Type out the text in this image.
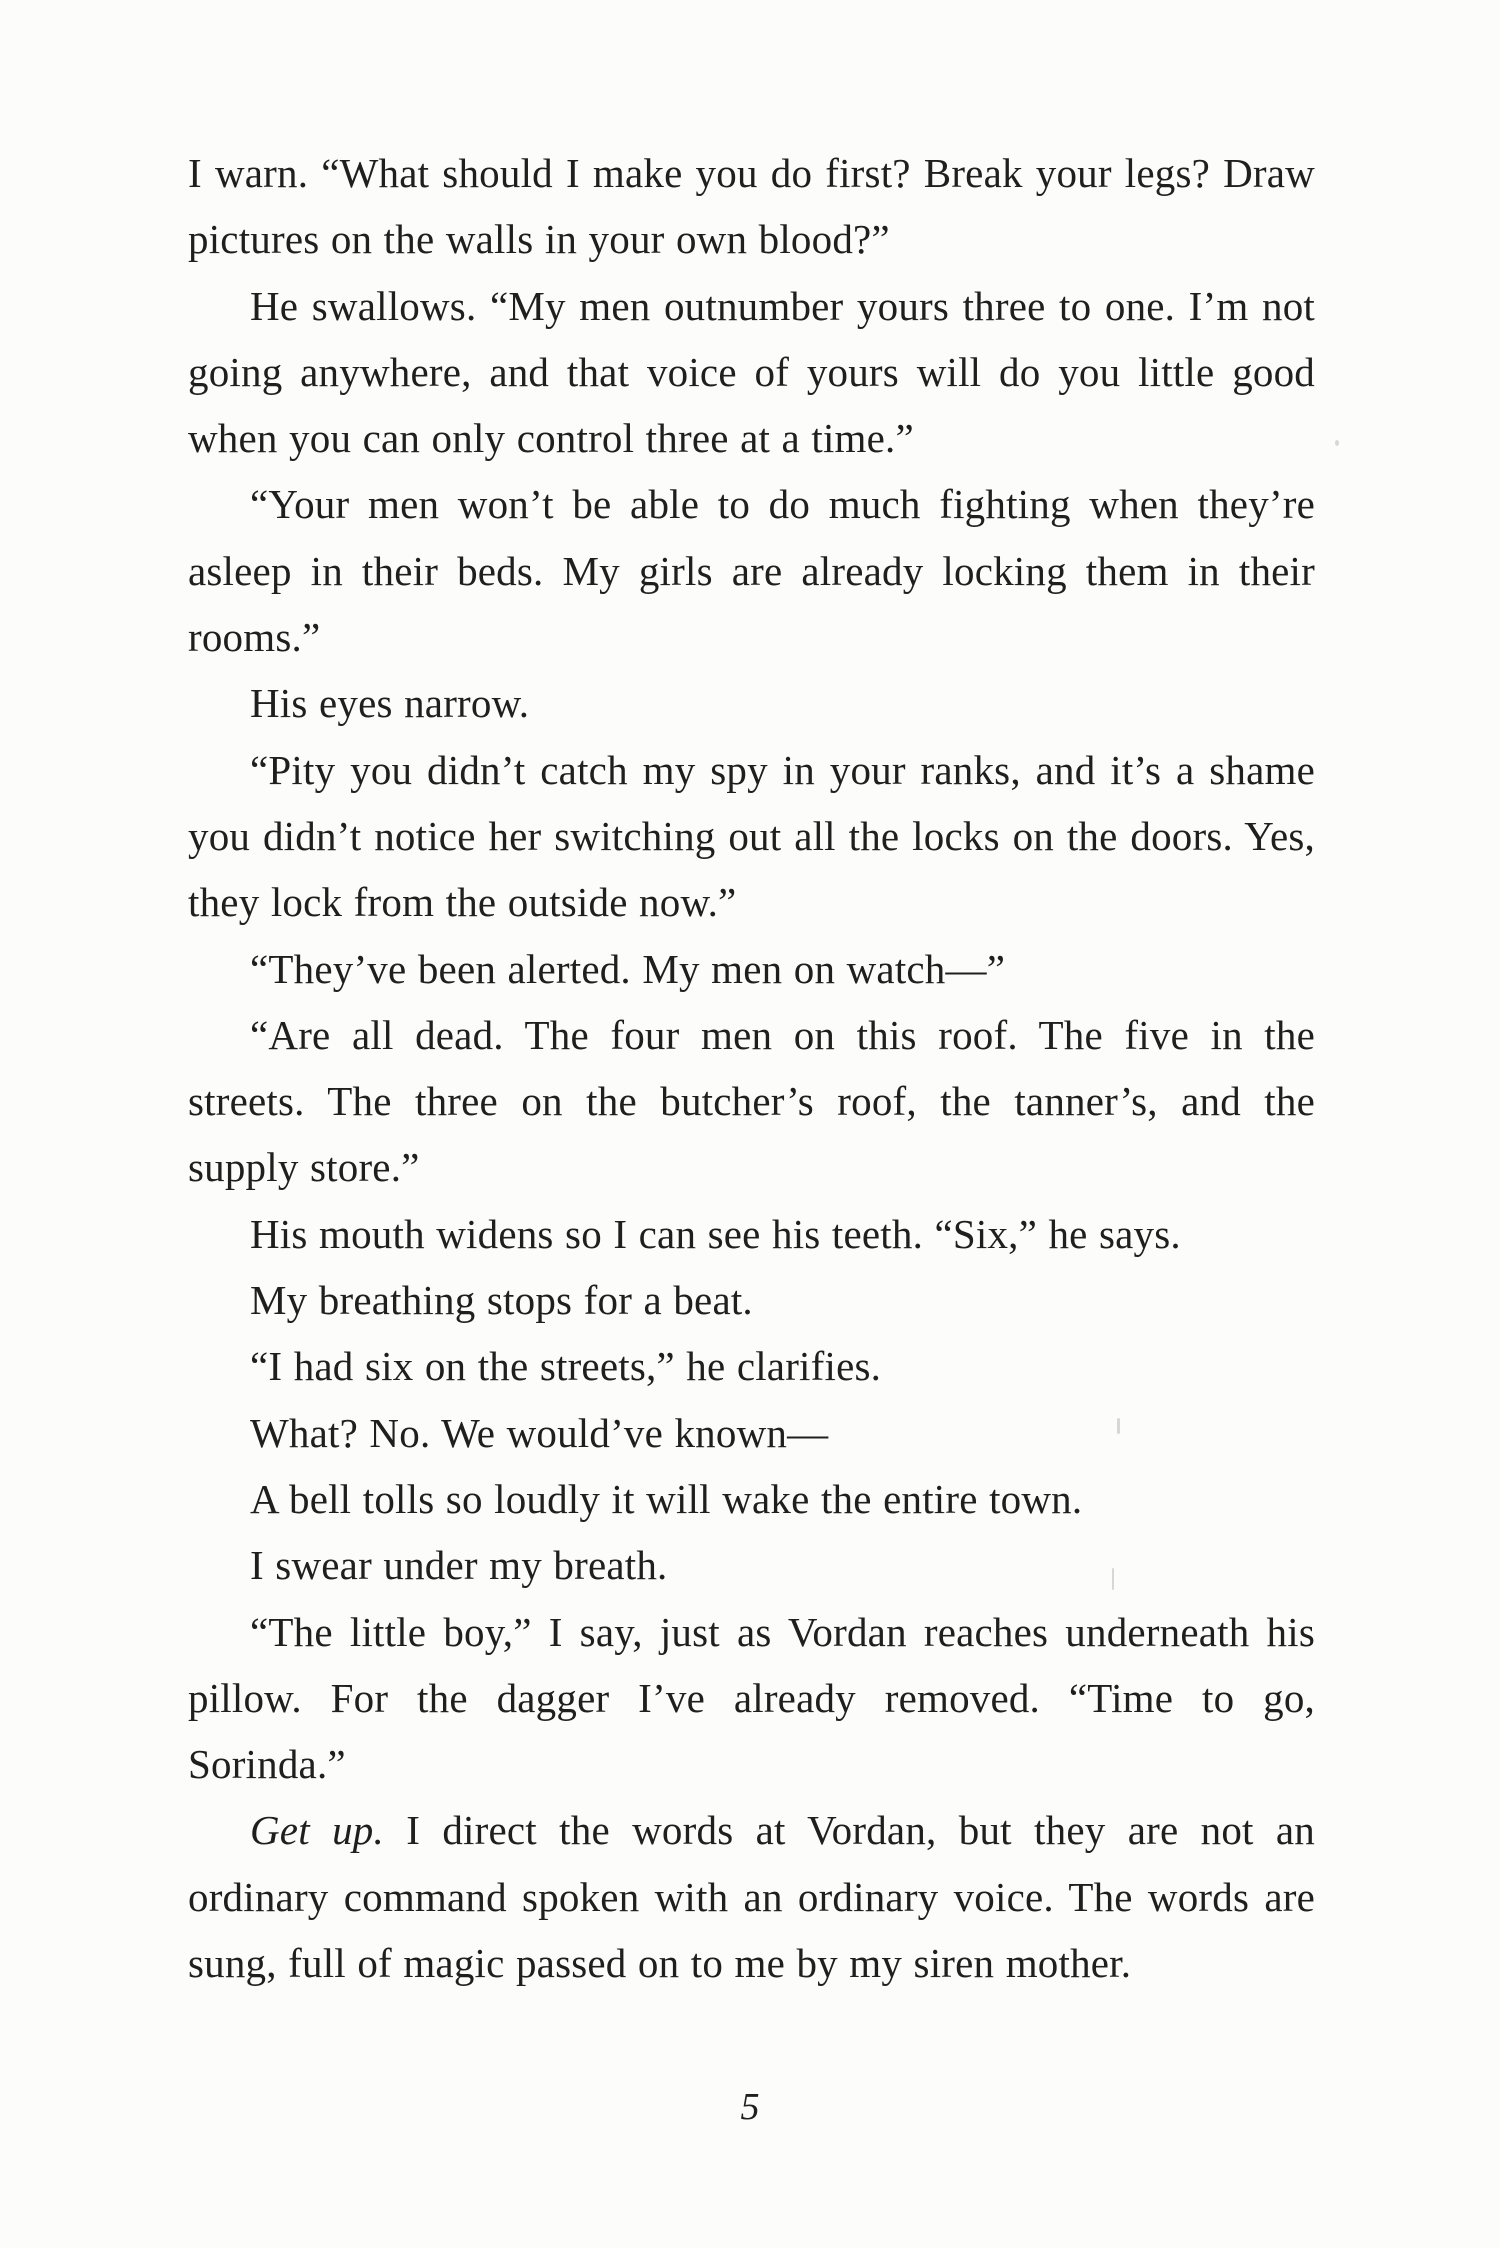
I warn. “What should I make you do first? Break your legs? Draw pictures on the walls in your own blood?”

He swallows. “My men outnumber yours three to one. I’m not going anywhere, and that voice of yours will do you little good when you can only control three at a time.”

“Your men won’t be able to do much fighting when they’re asleep in their beds. My girls are already locking them in their rooms.”

His eyes narrow.

“Pity you didn’t catch my spy in your ranks, and it’s a shame you didn’t notice her switching out all the locks on the doors. Yes, they lock from the outside now.”

“They’ve been alerted. My men on watch—”

“Are all dead. The four men on this roof. The five in the streets. The three on the butcher’s roof, the tanner’s, and the supply store.”

His mouth widens so I can see his teeth. “Six,” he says.

My breathing stops for a beat.

“I had six on the streets,” he clarifies.

What? No. We would’ve known—

A bell tolls so loudly it will wake the entire town.

I swear under my breath.

“The little boy,” I say, just as Vordan reaches underneath his pillow. For the dagger I’ve already removed. “Time to go, Sorinda.”

Get up. I direct the words at Vordan, but they are not an ordinary command spoken with an ordinary voice. The words are sung, full of magic passed on to me by my siren mother.

5
